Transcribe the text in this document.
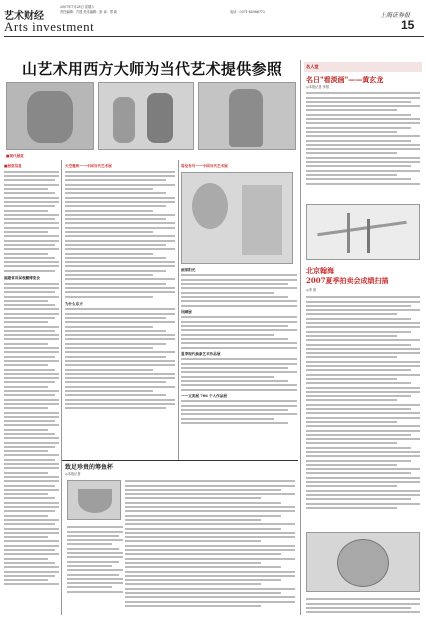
艺术财经
Arts investment
2007年7月28日 星期六
责任编辑：方建 美术编辑：彭 读：蔡 新	电话：0371-65986772	上海证券报
15
山艺术用西方大师为当代艺术提供参照
■现代展览
■展览信息
福建省首届收藏博览会
天空雅致——中国当代艺术展
为什么东方
哥伦布号——中国当代艺术展
画家阳光
回顾展
夏季现代抽象艺术作品展
一—文卖展 706 个人作品展
致足珍贵的筹鱼杯
◎本报记者
名人堂
名日"看淡画"——黄玄龙
◎本报记者 李国
北京翰海
2007夏季拍卖会成绩扫描
◎李 波
